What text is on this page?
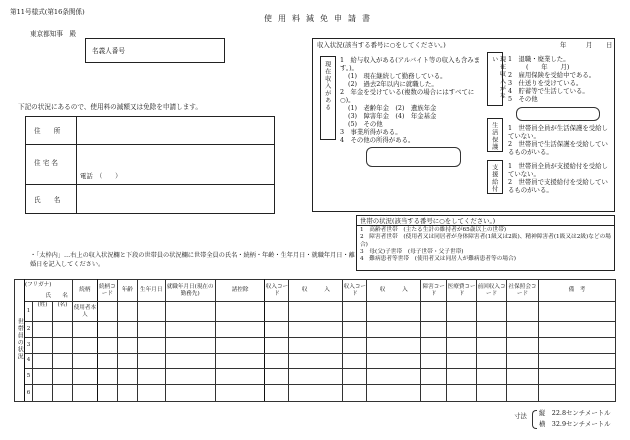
第11号様式(第16条関係)
使用料減免申請書
東京都知事　殿
年	月 日
名義人番号
下記の状況にあるので、使用料の減額又は免除を申請します。
住　　所
住 宅 名
電話　（　　）
氏　　名
収入状況(該当する番号に○をしてください。)
現在収入がある
1　給与収入がある(アルバイト等の収入も含みます。)。
(1)　現在継続して勤務している。
(2)　過去2年以内に就職した。
2　年金を受けている(複数の場合にはすべてに○)。
(1)　老齢年金　(2)　遺族年金
(3)　障害年金　(4)　年金基金
(5)　その他
3　事業所得がある。
4　その他の所得がある。
現在収入がない	1　退職・廃業した。
(　　年　　月)
2　雇用保険を受給中である。
3　仕送りを受けている。
4　貯蓄等で生活している。
5　その他
生活保護 1　世帯員全員が生活保護を受給していない。
2　世帯員で生活保護を受給しているものがいる。
支援給付 1　世帯員全員が支援給付を受給していない。
2　世帯員で支援給付を受給しているものがいる。
世帯の状況(該当する番号に○をしてください。)
1　高齢者世帯　(主たる生計の維持者が65歳以上の世帯)
2　障害者世帯　(使用者又は同居者が身体障害者(1級又は2級)、精神障害者(1級又は2級)などの場合)
3　母(父)子世帯　(母子世帯・父子世帯)
4　難病患者等世帯　(使用者又は同居人が難病患者等の場合)
・「太枠内」…右上の収入状況欄と下段の世帯員の状況欄に世帯全員の氏名・続柄・年齢・生年月日・就職年月日・離婚日を記入してください。
世帯員の状況	(フリガナ)			続柄	続柄コード	年齢	生年月日	就職年月日(現在の勤務先)	諸控除	収入コード	収　　　入	収入コード	収　　　入	障害コード	医療費コード	前回収入コード	社保照会コード	備　考
	氏　　名																	
	1	(姓)	(名)	使用者本人														
	2																	
	3																	
	4																	
	5																	
	6																	
寸法 縦　22.8センチメートル
横　32.9センチメートル
